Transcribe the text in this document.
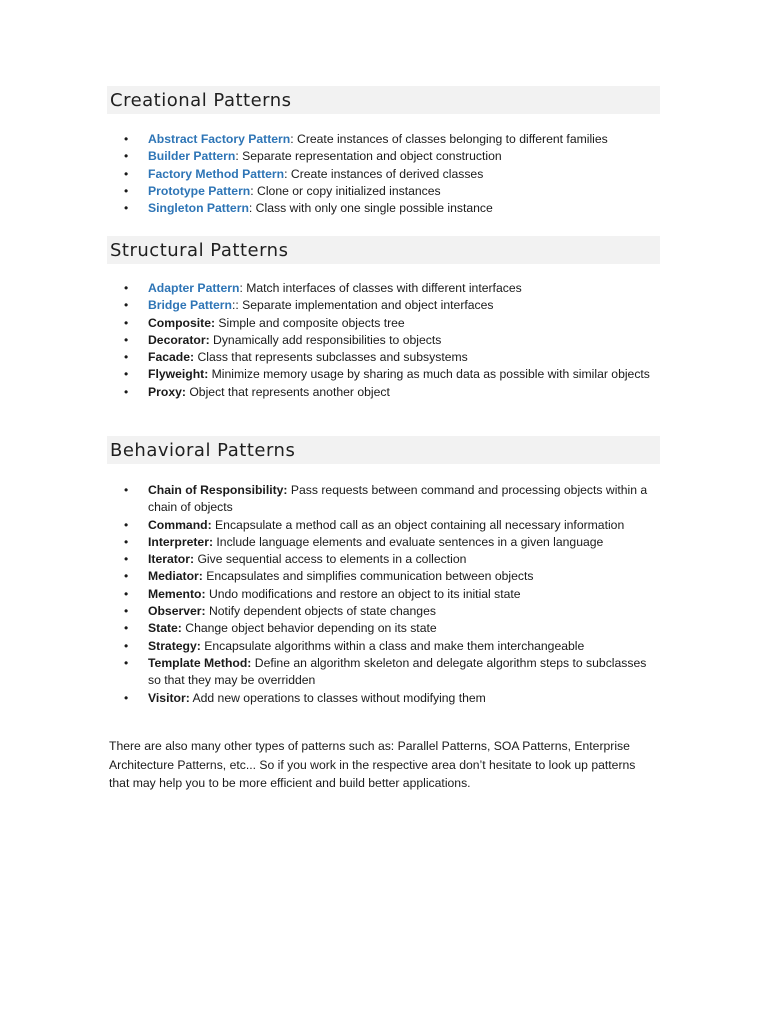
Creational Patterns
• Abstract Factory Pattern: Create instances of classes belonging to different families
• Builder Pattern: Separate representation and object construction
• Factory Method Pattern: Create instances of derived classes
• Prototype Pattern: Clone or copy initialized instances
• Singleton Pattern: Class with only one single possible instance
Structural Patterns
• Adapter Pattern: Match interfaces of classes with different interfaces
• Bridge Pattern:: Separate implementation and object interfaces
• Composite: Simple and composite objects tree
• Decorator: Dynamically add responsibilities to objects
• Facade: Class that represents subclasses and subsystems
• Flyweight: Minimize memory usage by sharing as much data as possible with similar objects
• Proxy: Object that represents another object
Behavioral Patterns
• Chain of Responsibility: Pass requests between command and processing objects within a chain of objects
• Command: Encapsulate a method call as an object containing all necessary information
• Interpreter: Include language elements and evaluate sentences in a given language
• Iterator: Give sequential access to elements in a collection
• Mediator: Encapsulates and simplifies communication between objects
• Memento: Undo modifications and restore an object to its initial state
• Observer: Notify dependent objects of state changes
• State: Change object behavior depending on its state
• Strategy: Encapsulate algorithms within a class and make them interchangeable
• Template Method: Define an algorithm skeleton and delegate algorithm steps to subclasses so that they may be overridden
• Visitor: Add new operations to classes without modifying them

There are also many other types of patterns such as: Parallel Patterns, SOA Patterns, Enterprise Architecture Patterns, etc... So if you work in the respective area don’t hesitate to look up patterns that may help you to be more efficient and build better applications.
